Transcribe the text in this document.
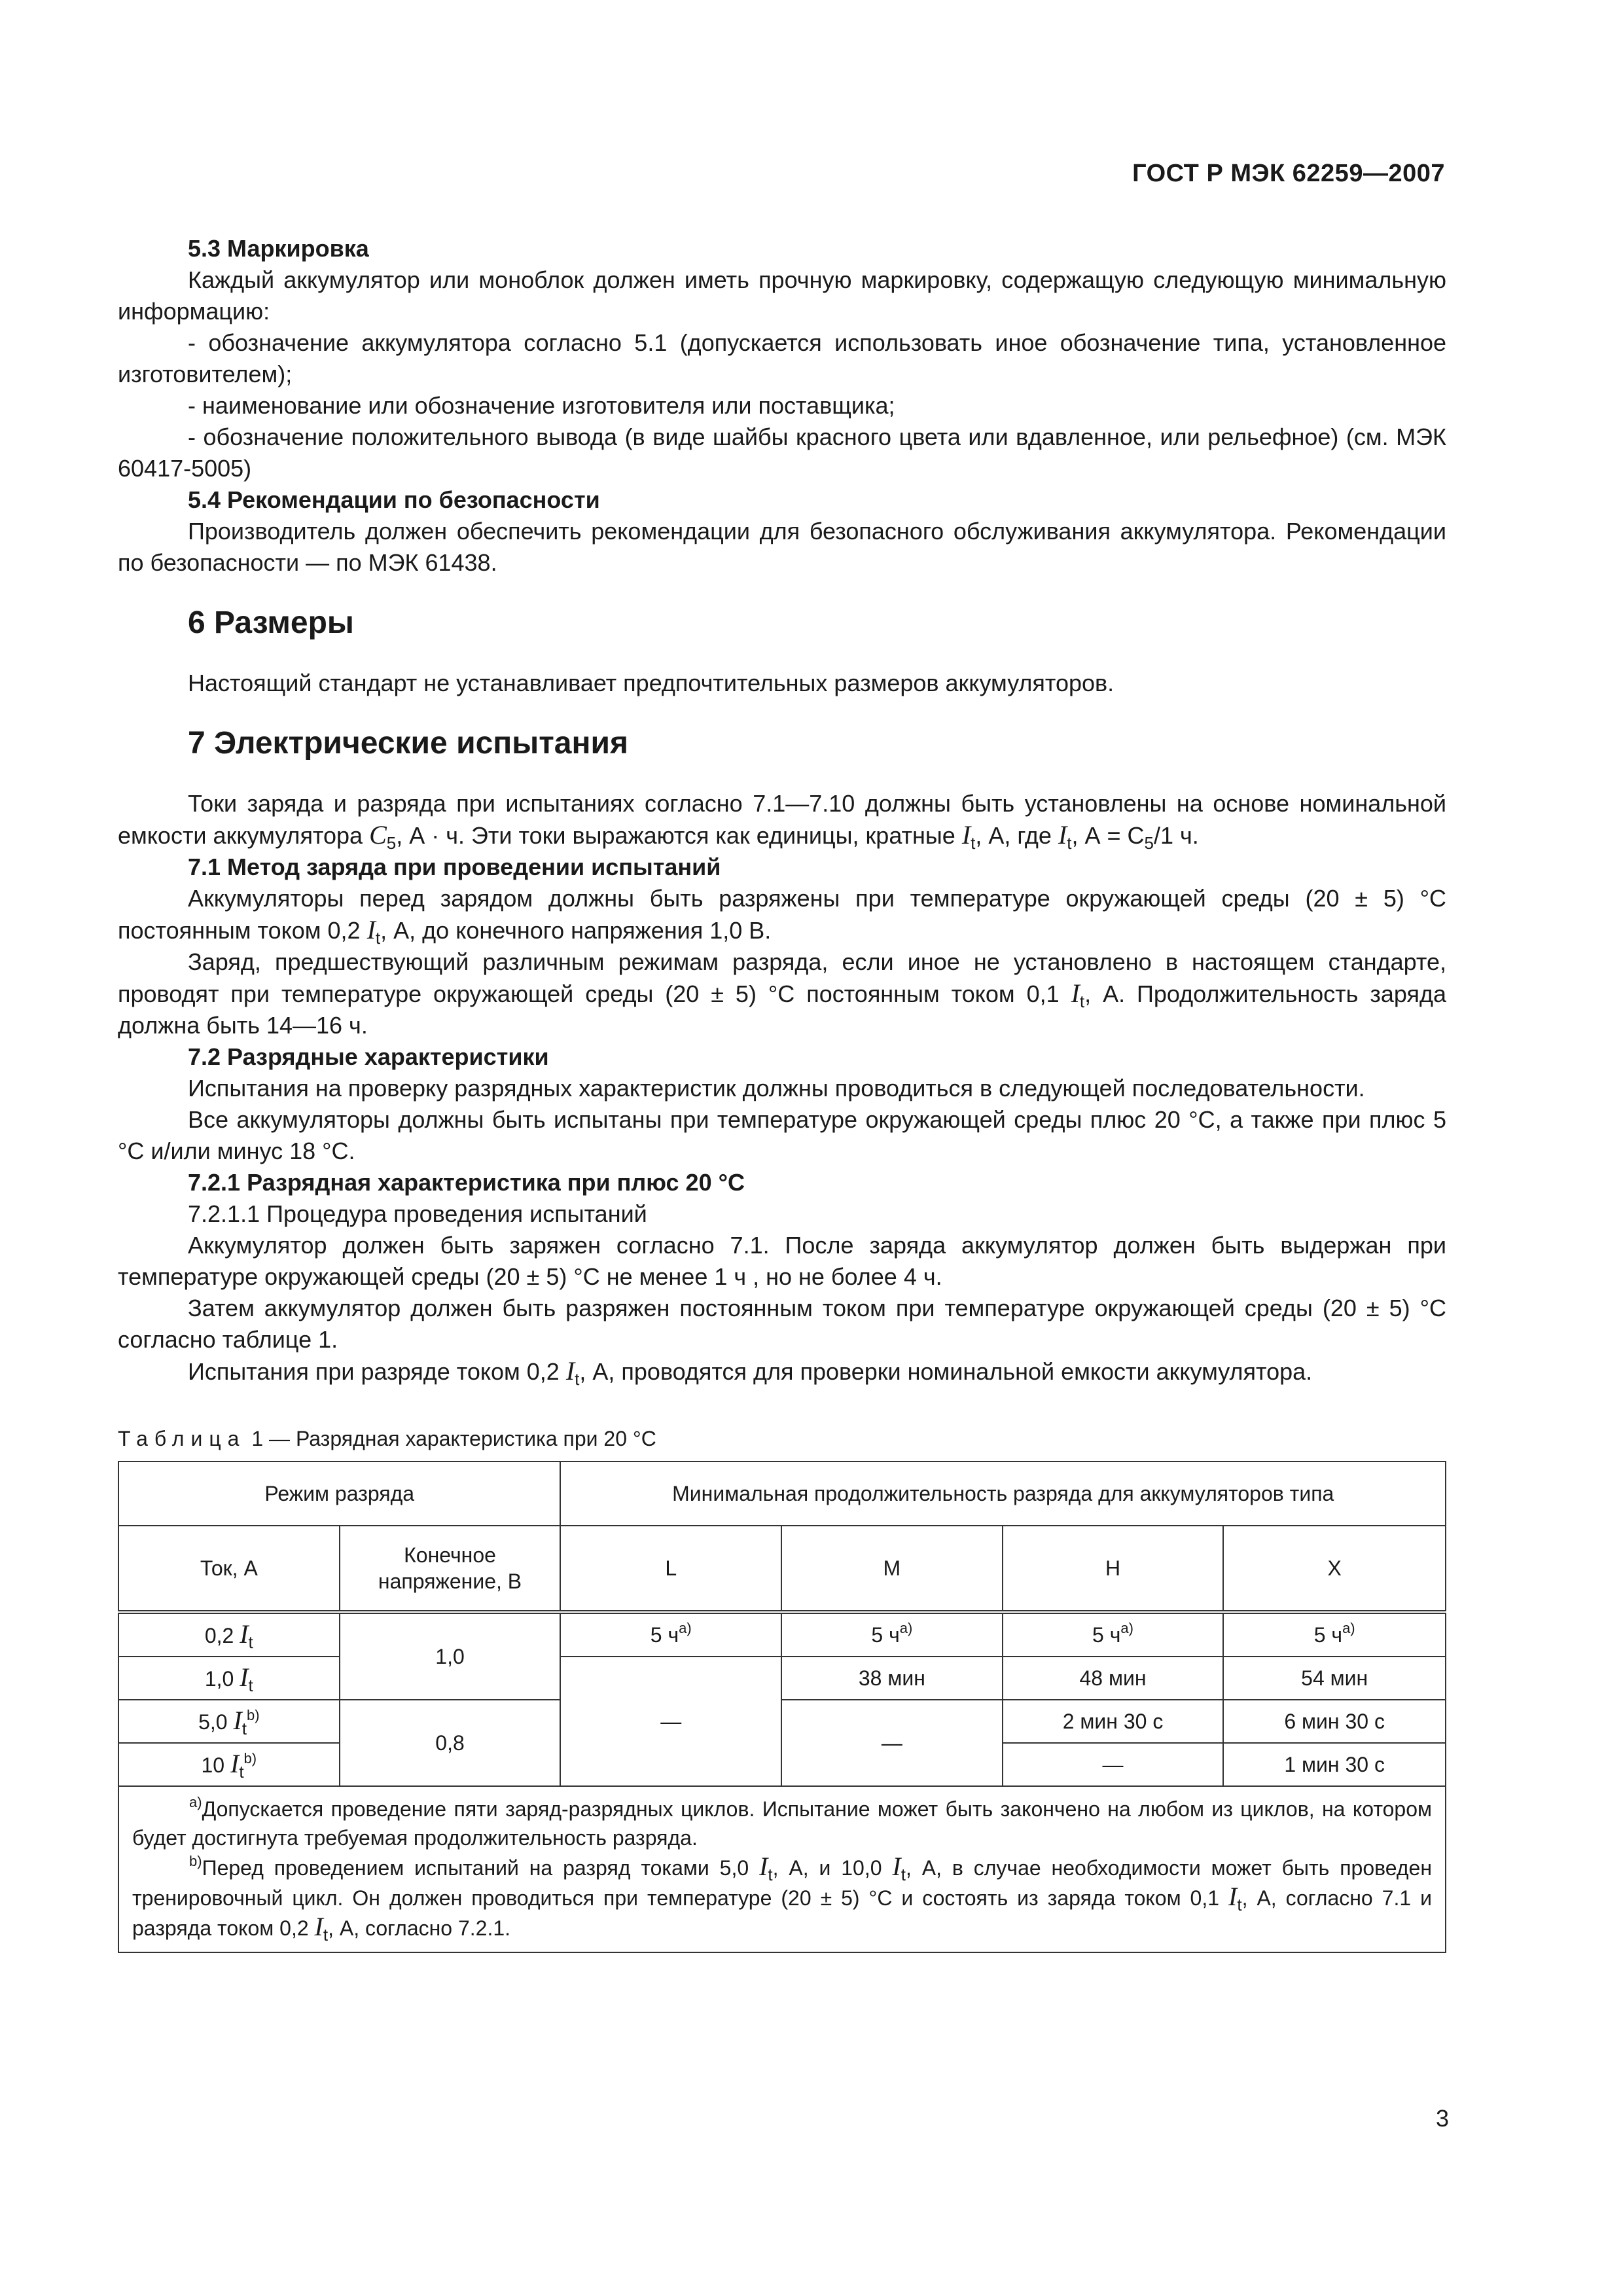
ГОСТ Р МЭК 62259—2007

5.3 Маркировка

Каждый аккумулятор или моноблок должен иметь прочную маркировку, содержащую следующую минимальную информацию:

- обозначение аккумулятора согласно 5.1 (допускается использовать иное обозначение типа, установленное изготовителем);

- наименование или обозначение изготовителя или поставщика;

- обозначение положительного вывода (в виде шайбы красного цвета или вдавленное, или рельефное) (см. МЭК 60417-5005)

5.4 Рекомендации по безопасности

Производитель должен обеспечить рекомендации для безопасного обслуживания аккумулятора. Рекомендации по безопасности — по МЭК 61438.

6 Размеры

Настоящий стандарт не устанавливает предпочтительных размеров аккумуляторов.

7 Электрические испытания

Токи заряда и разряда при испытаниях согласно 7.1—7.10 должны быть установлены на основе номинальной емкости аккумулятора $C_5$, А · ч. Эти токи выражаются как единицы, кратные $I_t$, А, где $I_t$, $А = C_5/1$ ч.

7.1 Метод заряда при проведении испытаний

Аккумуляторы перед зарядом должны быть разряжены при температуре окружающей среды (20 ± 5) °С постоянным током 0,2 $I_t$, А, до конечного напряжения 1,0 В.

Заряд, предшествующий различным режимам разряда, если иное не установлено в настоящем стандарте, проводят при температуре окружающей среды (20 ± 5) °С постоянным током 0,1 $I_t$, А. Продолжительность заряда должна быть 14—16 ч.

7.2 Разрядные характеристики

Испытания на проверку разрядных характеристик должны проводиться в следующей последовательности.

Все аккумуляторы должны быть испытаны при температуре окружающей среды плюс 20 °С, а также при плюс 5 °С и/или минус 18 °С.

7.2.1 Разрядная характеристика при плюс 20 °С

7.2.1.1 Процедура проведения испытаний

Аккумулятор должен быть заряжен согласно 7.1. После заряда аккумулятор должен быть выдержан при температуре окружающей среды (20 ± 5) °С не менее 1 ч , но не более 4 ч.

Затем аккумулятор должен быть разряжен постоянным током при температуре окружающей среды (20 ± 5) °С согласно таблице 1.

Испытания при разряде током 0,2 $I_t$, А, проводятся для проверки номинальной емкости аккумулятора.

Таблица 1 — Разрядная характеристика при 20 °С
Режим разряда		Минимальная продолжительность разряда для аккумуляторов типа			
Ток, А	Конечное напряжение, В	L	M	H	X
0,2 $I_t$	1,0	5 $ч^{a)}$	5 $ч^{a)}$	5 $ч^{a)}$	5 $ч^{a)}$
1,0 $I_t$		—	38 мин	48 мин	54 мин
5,0 $I_t^{b)}$	0,8		—	2 мин 30 с	6 мин 30 с
10 $I_t^{b)}$				—	1 мин 30 с

$^{a)}$Допускается проведение пяти заряд-разрядных циклов. Испытание может быть закончено на любом из циклов, на котором будет достигнута требуемая продолжительность разряда.

$^{b)}$Перед проведением испытаний на разряд токами 5,0 $I_t$, А, и 10,0 $I_t$, А, в случае необходимости может быть проведен тренировочный цикл. Он должен проводиться при температуре (20 ± 5) °С и состоять из заряда током 0,1 $I_t$, А, согласно 7.1 и разряда током 0,2 $I_t$, А, согласно 7.2.1.					

3
